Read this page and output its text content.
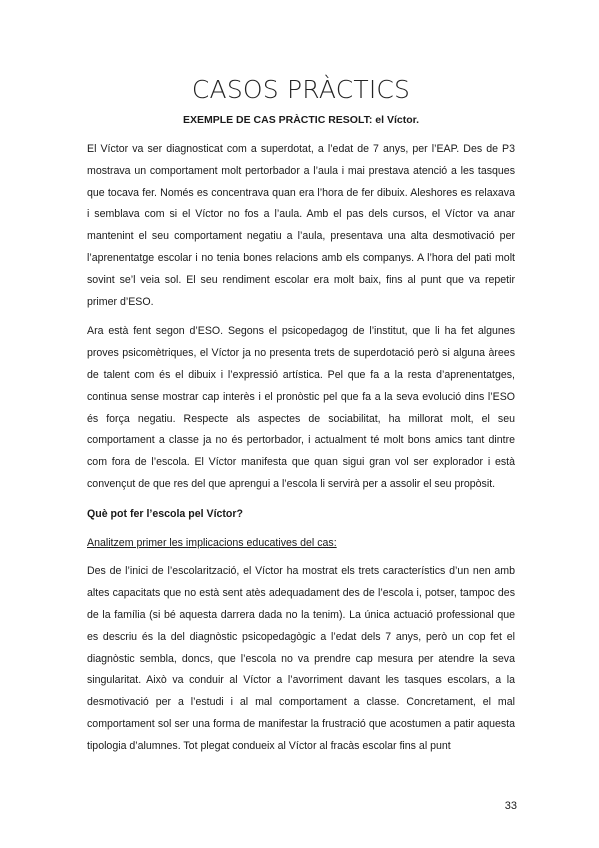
CASOS PRÀCTICS
EXEMPLE DE CAS PRÀCTIC RESOLT: el Víctor.

El Víctor va ser diagnosticat com a superdotat, a l’edat de 7 anys, per l’EAP. Des de P3 mostrava un comportament molt pertorbador a l’aula i mai prestava atenció a les tasques que tocava fer. Només es concentrava quan era l’hora de fer dibuix. Aleshores es relaxava i semblava com si el Víctor no fos a l’aula. Amb el pas dels cursos, el Víctor va anar mantenint el seu comportament negatiu a l’aula, presentava una alta desmotivació per l’aprenentatge escolar i no tenia bones relacions amb els companys. A l’hora del pati molt sovint se’l veia sol. El seu rendiment escolar era molt baix, fins al punt que va repetir primer d’ESO.

Ara està fent segon d’ESO. Segons el psicopedagog de l’institut, que li ha fet algunes proves psicomètriques, el Víctor ja no presenta trets de superdotació però si alguna àrees de talent com és el dibuix i l’expressió artística. Pel que fa a la resta d’aprenentatges, continua sense mostrar cap interès i el pronòstic pel que fa a la seva evolució dins l’ESO és força negatiu. Respecte als aspectes de sociabilitat, ha millorat molt, el seu comportament a classe ja no és pertorbador, i actualment té molt bons amics tant dintre com fora de l’escola. El Víctor manifesta que quan sigui gran vol ser explorador i està convençut de que res del que aprengui a l’escola li servirà per a assolir el seu propòsit.

Què pot fer l’escola pel Víctor?

Analitzem primer les implicacions educatives del cas:

Des de l’inici de l’escolarització, el Víctor ha mostrat els trets característics d’un nen amb altes capacitats que no està sent atès adequadament des de l’escola i, potser, tampoc des de la família (si bé aquesta darrera dada no la tenim). La única actuació professional que es descriu és la del diagnòstic psicopedagògic a l’edat dels 7 anys, però un cop fet el diagnòstic sembla, doncs, que l’escola no va prendre cap mesura per atendre la seva singularitat. Això va conduir al Víctor a l’avorriment davant les tasques escolars, a la desmotivació per a l’estudi i al mal comportament a classe. Concretament, el mal comportament sol ser una forma de manifestar la frustració que acostumen a patir aquesta tipologia d’alumnes. Tot plegat condueix al Víctor al fracàs escolar fins al punt

33
